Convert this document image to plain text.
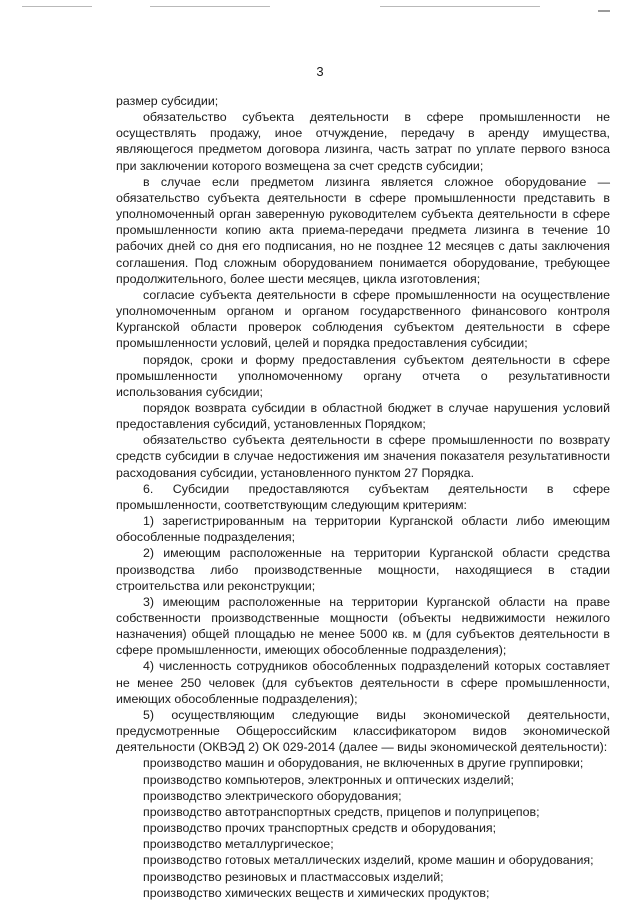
3

размер субсидии;

обязательство субъекта деятельности в сфере промышленности не осуществлять продажу, иное отчуждение, передачу в аренду имущества, являющегося предметом договора лизинга, часть затрат по уплате первого взноса при заключении которого возмещена за счет средств субсидии;

в случае если предметом лизинга является сложное оборудование — обязательство субъекта деятельности в сфере промышленности представить в уполномоченный орган заверенную руководителем субъекта деятельности в сфере промышленности копию акта приема-передачи предмета лизинга в течение 10 рабочих дней со дня его подписания, но не позднее 12 месяцев с даты заключения соглашения. Под сложным оборудованием понимается оборудование, требующее продолжительного, более шести месяцев, цикла изготовления;

согласие субъекта деятельности в сфере промышленности на осуществление уполномоченным органом и органом государственного финансового контроля Курганской области проверок соблюдения субъектом деятельности в сфере промышленности условий, целей и порядка предоставления субсидии;

порядок, сроки и форму предоставления субъектом деятельности в сфере промышленности уполномоченному органу отчета о результативности использования субсидии;

порядок возврата субсидии в областной бюджет в случае нарушения условий предоставления субсидий, установленных Порядком;

обязательство субъекта деятельности в сфере промышленности по возврату средств субсидии в случае недостижения им значения показателя результативности расходования субсидии, установленного пунктом 27 Порядка.

6. Субсидии предоставляются субъектам деятельности в сфере промышленности, соответствующим следующим критериям:

1) зарегистрированным на территории Курганской области либо имеющим обособленные подразделения;

2) имеющим расположенные на территории Курганской области средства производства либо производственные мощности, находящиеся в стадии строительства или реконструкции;

3) имеющим расположенные на территории Курганской области на праве собственности производственные мощности (объекты недвижимости нежилого назначения) общей площадью не менее 5000 кв. м (для субъектов деятельности в сфере промышленности, имеющих обособленные подразделения);

4) численность сотрудников обособленных подразделений которых составляет не менее 250 человек (для субъектов деятельности в сфере промышленности, имеющих обособленные подразделения);

5) осуществляющим следующие виды экономической деятельности, предусмотренные Общероссийским классификатором видов экономической деятельности (ОКВЭД 2) ОК 029-2014 (далее — виды экономической деятельности):

производство машин и оборудования, не включенных в другие группировки;

производство компьютеров, электронных и оптических изделий;

производство электрического оборудования;

производство автотранспортных средств, прицепов и полуприцепов;

производство прочих транспортных средств и оборудования;

производство металлургическое;

производство готовых металлических изделий, кроме машин и оборудования;

производство резиновых и пластмассовых изделий;

производство химических веществ и химических продуктов;
